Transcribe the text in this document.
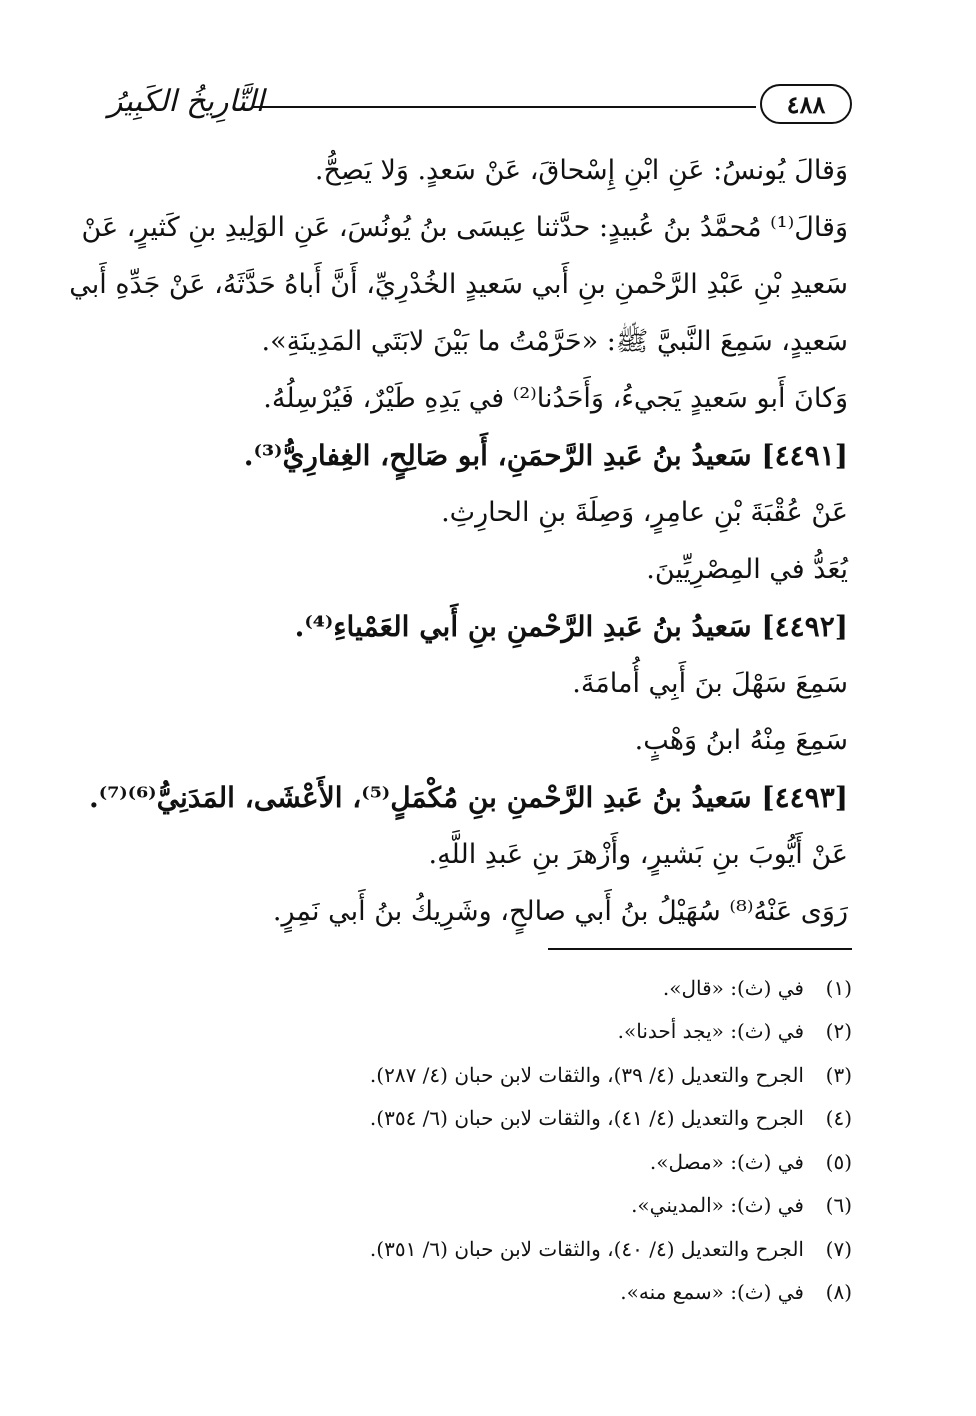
التَّارِيخُ الكَبِيرُ	٤٨٨
وَقالَ يُونسُ: عَنِ ابْنِ إِسْحاقَ، عَنْ سَعدٍ. وَلا يَصِحُّ.
وَقالَ⁽¹⁾ مُحمَّدُ بنُ عُبيدٍ: حدَّثنا عِيسَى بنُ يُونُسَ، عَنِ الوَلِيدِ بنِ كَثيرٍ، عَنْ
سَعيدِ بْنِ عَبْدِ الرَّحْمنِ بنِ أَبي سَعيدٍ الخُدْرِيِّ، أَنَّ أَباهُ حَدَّثَهُ، عَنْ جَدِّهِ أَبي
سَعيدٍ، سَمِعَ النَّبيَّ ﷺ: «حَرَّمْتُ ما بَيْنَ لابَتَي المَدِينَةِ».
وَكانَ أَبو سَعيدٍ يَجيءُ، وَأَحَدُنا⁽²⁾ في يَدِهِ طَيْرٌ، فَيُرْسِلُهُ.
[٤٤٩١] سَعيدُ بنُ عَبدِ الرَّحمَنِ، أَبو صَالِحٍ، الغِفارِيُّ⁽³⁾.
عَنْ عُقْبَةَ بْنِ عامِرٍ، وَصِلَةَ بنِ الحارِثِ.
يُعَدُّ في المِصْرِيِّينَ.
[٤٤٩٢] سَعيدُ بنُ عَبدِ الرَّحْمنِ بنِ أَبي العَمْياءِ⁽⁴⁾.
سَمِعَ سَهْلَ بنَ أَبِي أُمامَةَ.
سَمِعَ مِنْهُ ابنُ وَهْبٍ.
[٤٤٩٣] سَعيدُ بنُ عَبدِ الرَّحْمنِ بنِ مُكْمَلٍ⁽⁵⁾، الأَعْشَى، المَدَنِيُّ⁽⁶⁾⁽⁷⁾.
عَنْ أَيُّوبَ بنِ بَشيرٍ، وأَزْهرَ بنِ عَبدِ اللَّهِ.
رَوَى عَنْهُ⁽⁸⁾ سُهَيْلُ بنُ أَبي صالحٍ، وشَرِيكُ بنُ أَبي نَمِرٍ.
(١)
في (ث): «قال».
(٢)
في (ث): «يجد أحدنا».
(٣)
الجرح والتعديل (٤/ ٣٩)، والثقات لابن حبان (٤/ ٢٨٧).
(٤)
الجرح والتعديل (٤/ ٤١)، والثقات لابن حبان (٦/ ٣٥٤).
(٥)
في (ث): «مصل».
(٦)
في (ث): «المديني».
(٧)
الجرح والتعديل (٤/ ٤٠)، والثقات لابن حبان (٦/ ٣٥١).
(٨)
في (ث): «سمع منه».
